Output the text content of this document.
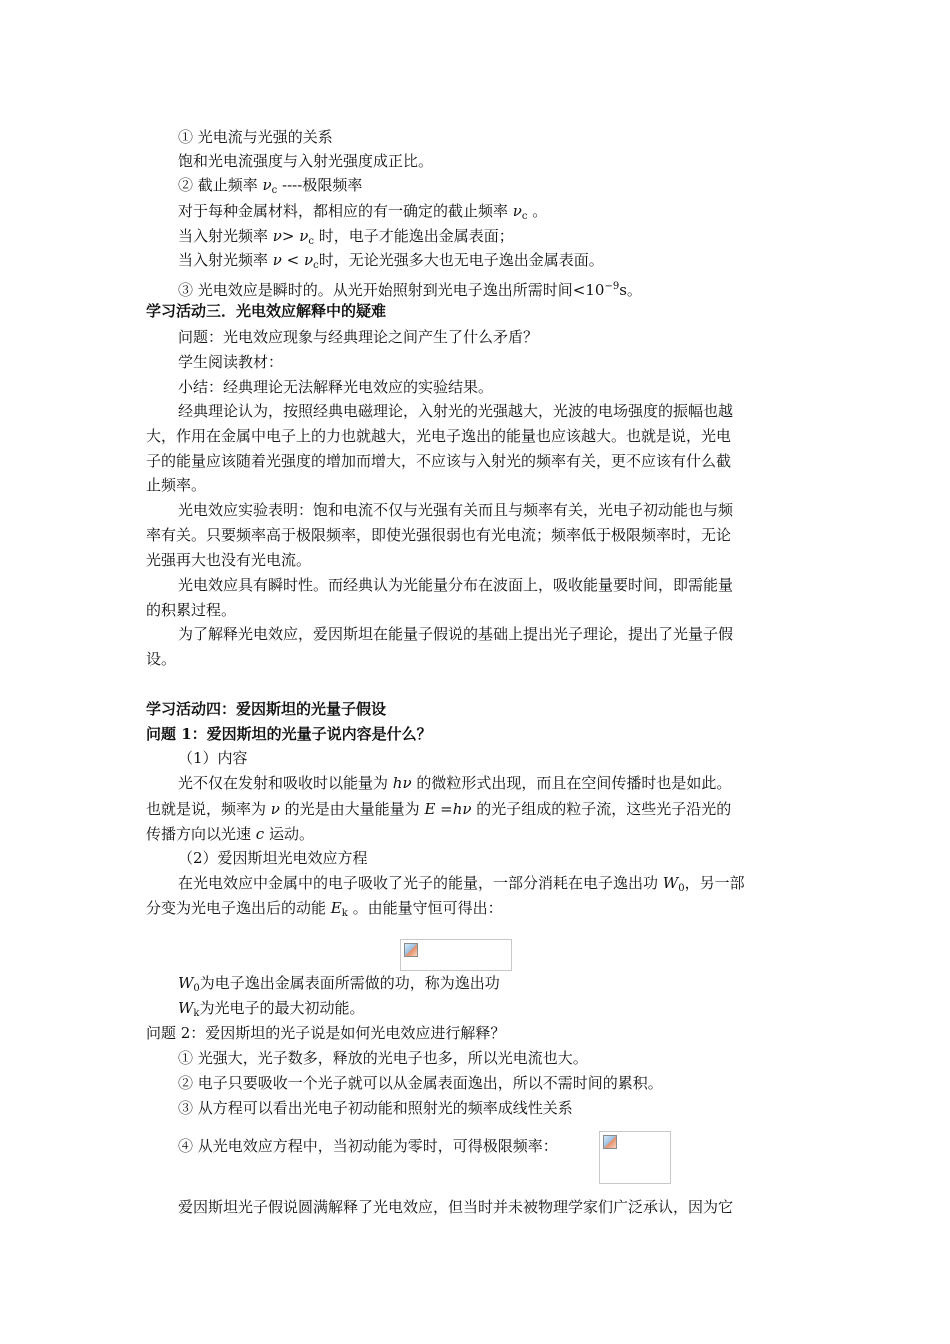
① 光电流与光强的关系
饱和光电流强度与入射光强度成正比。
② 截止频率 $\nu_c$ ----极限频率
对于每种金属材料，都相应的有一确定的截止频率 $\nu_c$ 。
当入射光频率 $\nu> \nu_c$ 时，电子才能逸出金属表面；
当入射光频率 $\nu < \nu_c$时，无论光强多大也无电子逸出金属表面。
③ 光电效应是瞬时的。从光开始照射到光电子逸出所需时间$<10^{-9}s$。
学习活动三．光电效应解释中的疑难
问题：光电效应现象与经典理论之间产生了什么矛盾？
学生阅读教材：
小结：经典理论无法解释光电效应的实验结果。
经典理论认为，按照经典电磁理论，入射光的光强越大，光波的电场强度的振幅也越
大，作用在金属中电子上的力也就越大，光电子逸出的能量也应该越大。也就是说，光电
子的能量应该随着光强度的增加而增大，不应该与入射光的频率有关，更不应该有什么截
止频率。
光电效应实验表明：饱和电流不仅与光强有关而且与频率有关，光电子初动能也与频
率有关。只要频率高于极限频率，即使光强很弱也有光电流；频率低于极限频率时，无论
光强再大也没有光电流。
光电效应具有瞬时性。而经典认为光能量分布在波面上，吸收能量要时间，即需能量
的积累过程。
为了解释光电效应，爱因斯坦在能量子假说的基础上提出光子理论，提出了光量子假
设。
学习活动四：爱因斯坦的光量子假设
问题 1：爱因斯坦的光量子说内容是什么？
（1）内容
光不仅在发射和吸收时以能量为 hν 的微粒形式出现，而且在空间传播时也是如此。
也就是说，频率为 ν 的光是由大量能量为 E =hν 的光子组成的粒子流，这些光子沿光的
传播方向以光速 c 运动。
（2）爱因斯坦光电效应方程
在光电效应中金属中的电子吸收了光子的能量，一部分消耗在电子逸出功 $W_0$，另一部
分变为光电子逸出后的动能 $E_k$ 。由能量守恒可得出：
$W_0$为电子逸出金属表面所需做的功，称为逸出功
$W_k$为光电子的最大初动能。
问题 2：爱因斯坦的光子说是如何光电效应进行解释？
① 光强大，光子数多，释放的光电子也多，所以光电流也大。
② 电子只要吸收一个光子就可以从金属表面逸出，所以不需时间的累积。
③ 从方程可以看出光电子初动能和照射光的频率成线性关系
④ 从光电效应方程中，当初动能为零时，可得极限频率：
爱因斯坦光子假说圆满解释了光电效应，但当时并未被物理学家们广泛承认，因为它
